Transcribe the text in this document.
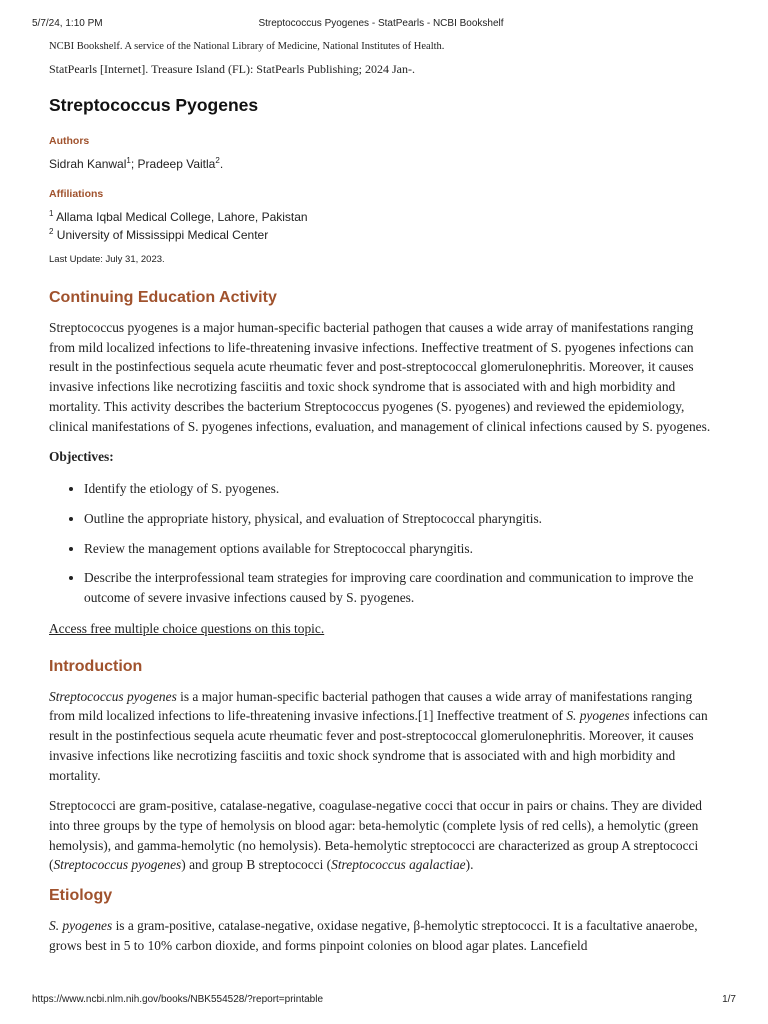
5/7/24, 1:10 PM	Streptococcus Pyogenes - StatPearls - NCBI Bookshelf

NCBI Bookshelf. A service of the National Library of Medicine, National Institutes of Health.

StatPearls [Internet]. Treasure Island (FL): StatPearls Publishing; 2024 Jan-.

Streptococcus Pyogenes

Authors

Sidrah Kanwal$^1$; Pradeep Vaitla$^2$.

Affiliations

$^1$ Allama Iqbal Medical College, Lahore, Pakistan

$^2$ University of Mississippi Medical Center

Last Update: July 31, 2023.

Continuing Education Activity

Streptococcus pyogenes is a major human-specific bacterial pathogen that causes a wide array of manifestations ranging from mild localized infections to life-threatening invasive infections. Ineffective treatment of S. pyogenes infections can result in the postinfectious sequela acute rheumatic fever and post-streptococcal glomerulonephritis. Moreover, it causes invasive infections like necrotizing fasciitis and toxic shock syndrome that is associated with and high morbidity and mortality. This activity describes the bacterium Streptococcus pyogenes (S. pyogenes) and reviewed the epidemiology, clinical manifestations of S. pyogenes infections, evaluation, and management of clinical infections caused by S. pyogenes.

Objectives:

• Identify the etiology of S. pyogenes.
• Outline the appropriate history, physical, and evaluation of Streptococcal pharyngitis.
• Review the management options available for Streptococcal pharyngitis.
• Describe the interprofessional team strategies for improving care coordination and communication to improve the outcome of severe invasive infections caused by S. pyogenes.
Access free multiple choice questions on this topic.
Introduction

Streptococcus pyogenes is a major human-specific bacterial pathogen that causes a wide array of manifestations ranging from mild localized infections to life-threatening invasive infections.[1] Ineffective treatment of S. pyogenes infections can result in the postinfectious sequela acute rheumatic fever and post-streptococcal glomerulonephritis. Moreover, it causes invasive infections like necrotizing fasciitis and toxic shock syndrome that is associated with and high morbidity and mortality.

Streptococci are gram-positive, catalase-negative, coagulase-negative cocci that occur in pairs or chains. They are divided into three groups by the type of hemolysis on blood agar: beta-hemolytic (complete lysis of red cells), a hemolytic (green hemolysis), and gamma-hemolytic (no hemolysis). Beta-hemolytic streptococci are characterized as group A streptococci (Streptococcus pyogenes) and group B streptococci (Streptococcus agalactiae).

Etiology

S. pyogenes is a gram-positive, catalase-negative, oxidase negative, β-hemolytic streptococci. It is a facultative anaerobe, grows best in 5 to 10% carbon dioxide, and forms pinpoint colonies on blood agar plates. Lancefield

https://www.ncbi.nlm.nih.gov/books/NBK554528/?report=printable	1/7
